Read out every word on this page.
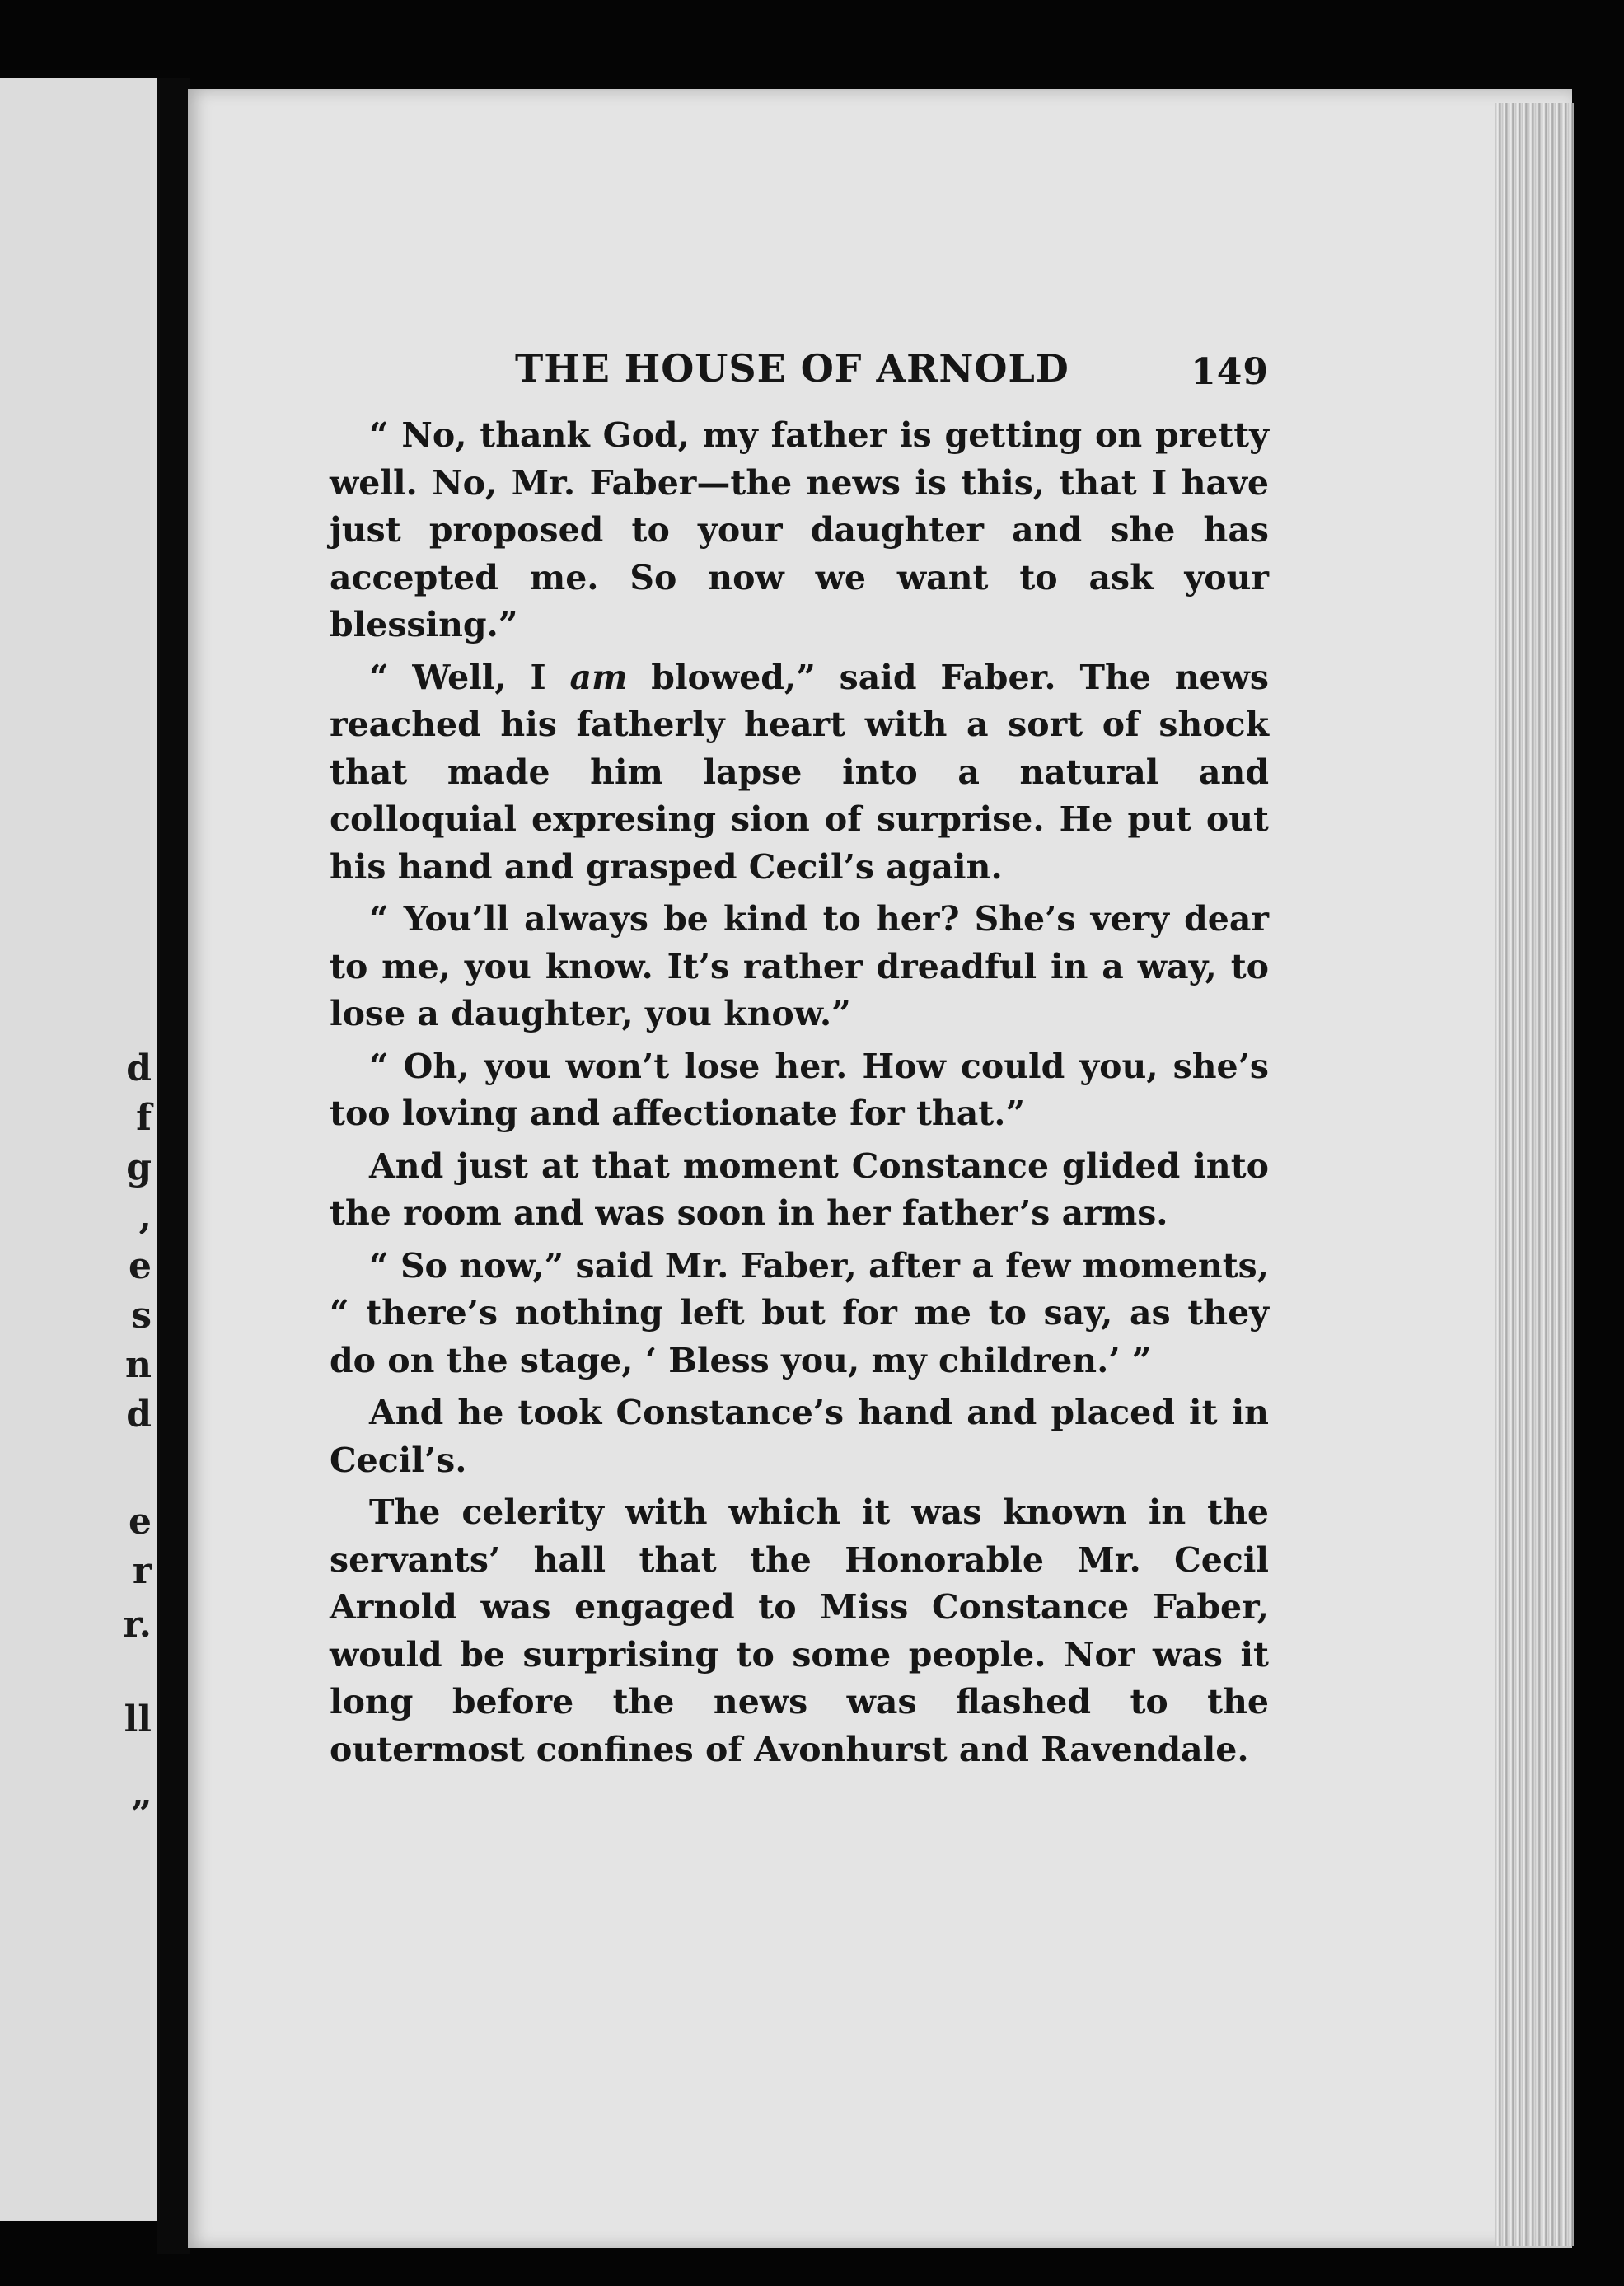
d
f
g
,
e
s
n
d
e
r
r.
ll
”
THE HOUSE OF ARNOLD	149

“ No, thank God, my father is getting on pretty well. No, Mr. Faber—the news is this, that I have just proposed to your daughter and she has accepted me. So now we want to ask your blessing.”

“ Well, I am blowed,” said Faber. The news reached his fatherly heart with a sort of shock that made him lapse into a natural and colloquial expresing sion of surprise. He put out his hand and grasped Cecil’s again.

“ You’ll always be kind to her? She’s very dear to me, you know. It’s rather dreadful in a way, to lose a daughter, you know.”

“ Oh, you won’t lose her. How could you, she’s too loving and affectionate for that.”

And just at that moment Constance glided into the room and was soon in her father’s arms.

“ So now,” said Mr. Faber, after a few moments, “ there’s nothing left but for me to say, as they do on the stage, ‘ Bless you, my children.’ ”

And he took Constance’s hand and placed it in Cecil’s.

The celerity with which it was known in the servants’ hall that the Honorable Mr. Cecil Arnold was engaged to Miss Constance Faber, would be surprising to some people. Nor was it long before the news was flashed to the outermost confines of Avonhurst and Ravendale.
